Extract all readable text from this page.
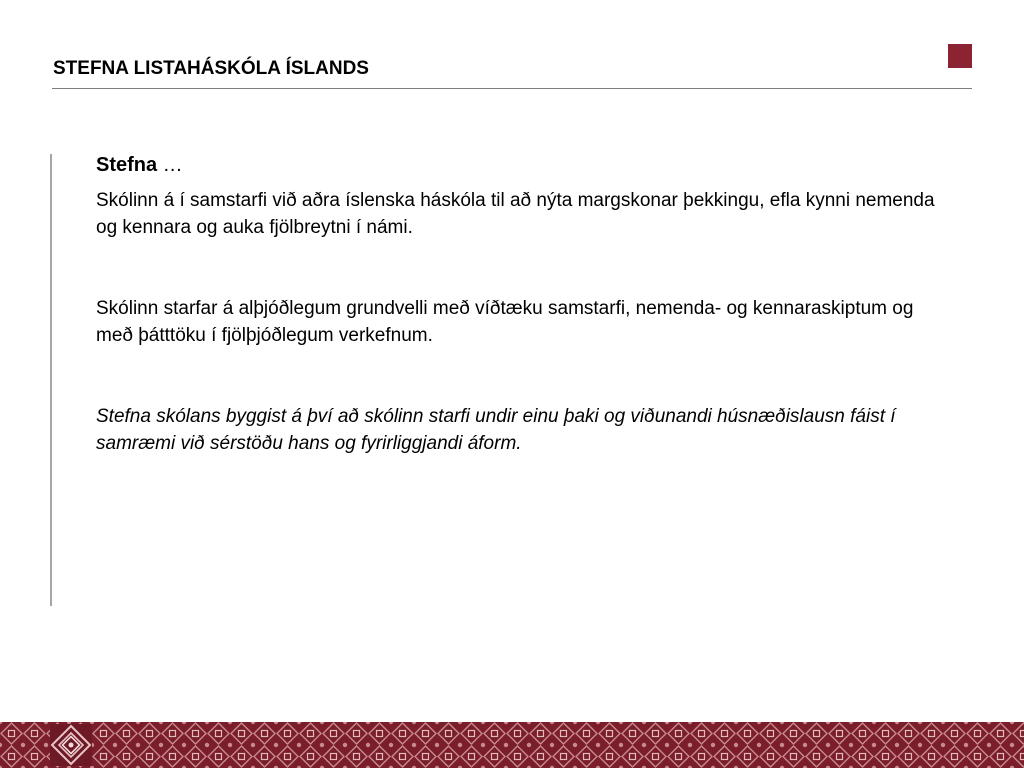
STEFNA LISTAHÁSKÓLA ÍSLANDS
Stefna …

Skólinn á í samstarfi við aðra íslenska háskóla til að nýta margskonar þekkingu, efla kynni nemenda og kennara og auka fjölbreytni í námi.

Skólinn starfar á alþjóðlegum grundvelli með víðtæku samstarfi, nemenda- og kennaraskiptum og með þátttöku í fjölþjóðlegum verkefnum.

Stefna skólans byggist á því að skólinn starfi undir einu þaki og viðunandi húsnæðislausn fáist í samræmi við sérstöðu hans og fyrirliggjandi áform.
